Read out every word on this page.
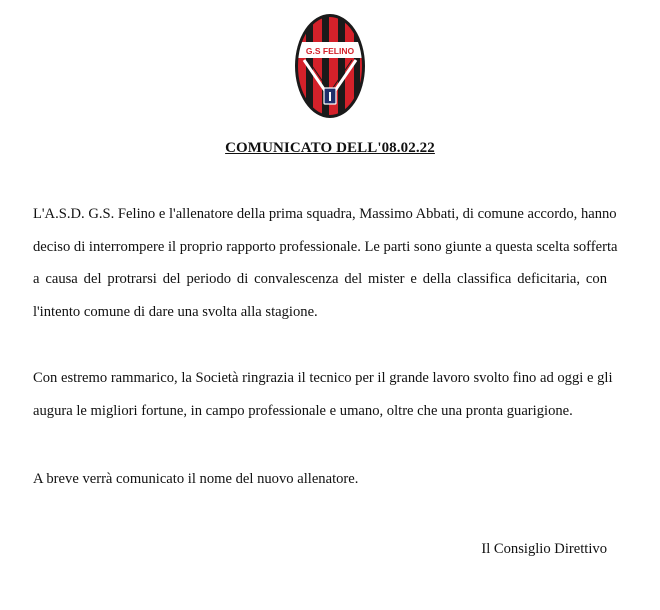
G.S FELINO
COMUNICATO DELL'08.02.22
L'A.S.D. G.S. Felino e l'allenatore della prima squadra, Massimo Abbati, di comune accordo, hanno
deciso di interrompere il proprio rapporto professionale. Le parti sono giunte a questa scelta sofferta
a causa del protrarsi del periodo di convalescenza del mister e della classifica deficitaria, con
l'intento comune di dare una svolta alla stagione.
Con estremo rammarico, la Società ringrazia il tecnico per il grande lavoro svolto fino ad oggi e gli
augura le migliori fortune, in campo professionale e umano, oltre che una pronta guarigione.
A breve verrà comunicato il nome del nuovo allenatore.
Il Consiglio Direttivo
